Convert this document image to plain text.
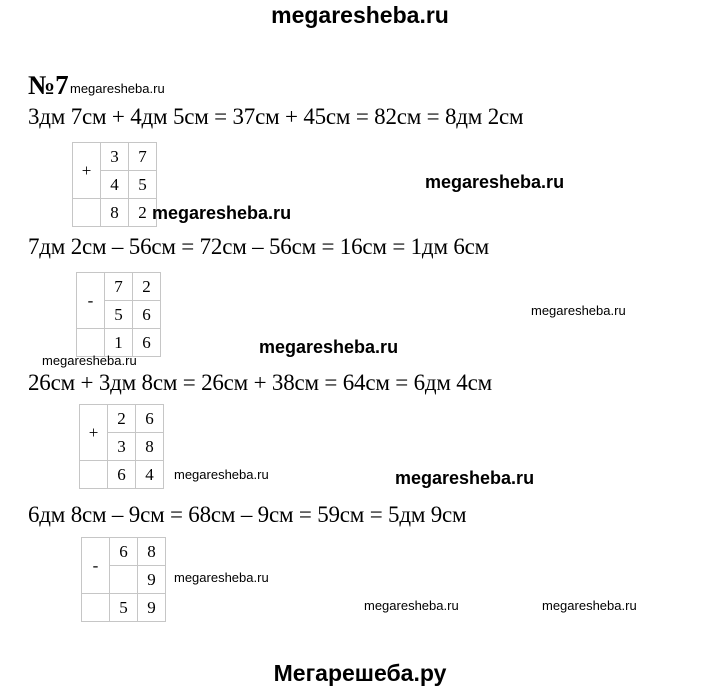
megaresheba.ru
№7 megaresheba.ru
3дм 7см + 4дм 5см = 37см + 45см = 82см = 8дм 2см
+	3	7
	4	5
	8	2
megaresheba.ru
megaresheba.ru
7дм 2см – 56см = 72см – 56см = 16см = 1дм 6см
-	7	2
	5	6
	1	6
megaresheba.ru
megaresheba.ru
megaresheba.ru
26см + 3дм 8см = 26см + 38см = 64см = 6дм 4см
+	2	6
	3	8
	6	4 megaresheba.ru	megaresheba.ru
6дм 8см – 9см = 68см – 9см = 59см = 5дм 9см
-	6	8
		9
	5	9
megaresheba.ru
megaresheba.ru	megaresheba.ru
Мегарешеба.ру
